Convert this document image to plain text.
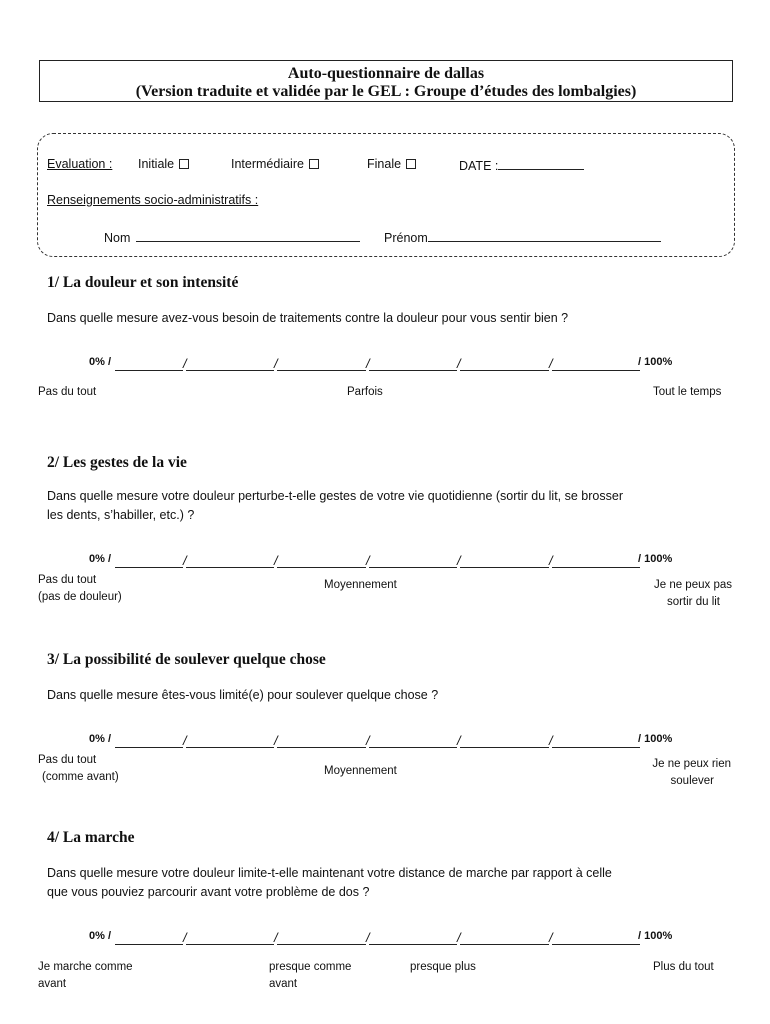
Auto-questionnaire de dallas
(Version traduite et validée par le GEL : Groupe d’études des lombalgies)
Evaluation : Initiale	Intermédiaire	Finale	DATE :
Renseignements socio-administratifs :
Nom	Prénom
1/ La douleur et son intensité
Dans quelle mesure avez-vous besoin de traitements contre la douleur pour vous sentir bien ?
0% /	/	/	/	/	/	/ 100%
Pas du tout	Parfois	Tout le temps
2/ Les gestes de la vie
Dans quelle mesure votre douleur perturbe-t-elle gestes de votre vie quotidienne (sortir du lit, se brosser
les dents, s’habiller, etc.) ?
0% /	/	/	/	/	/	/ 100%
Pas du tout
(pas de douleur)
Moyennement	Je ne peux pas
sortir du lit
3/ La possibilité de soulever quelque chose
Dans quelle mesure êtes-vous limité(e) pour soulever quelque chose ?
0% /	/	/	/	/	/	/ 100%
Pas du tout
(comme avant)	Moyennement
Je ne peux rien
soulever
4/ La marche
Dans quelle mesure votre douleur limite-t-elle maintenant votre distance de marche par rapport à celle
que vous pouviez parcourir avant votre problème de dos ?
0% /	/	/	/	/	/	/ 100%
Je marche comme
avant
presque comme
avant
presque plus	Plus du tout
